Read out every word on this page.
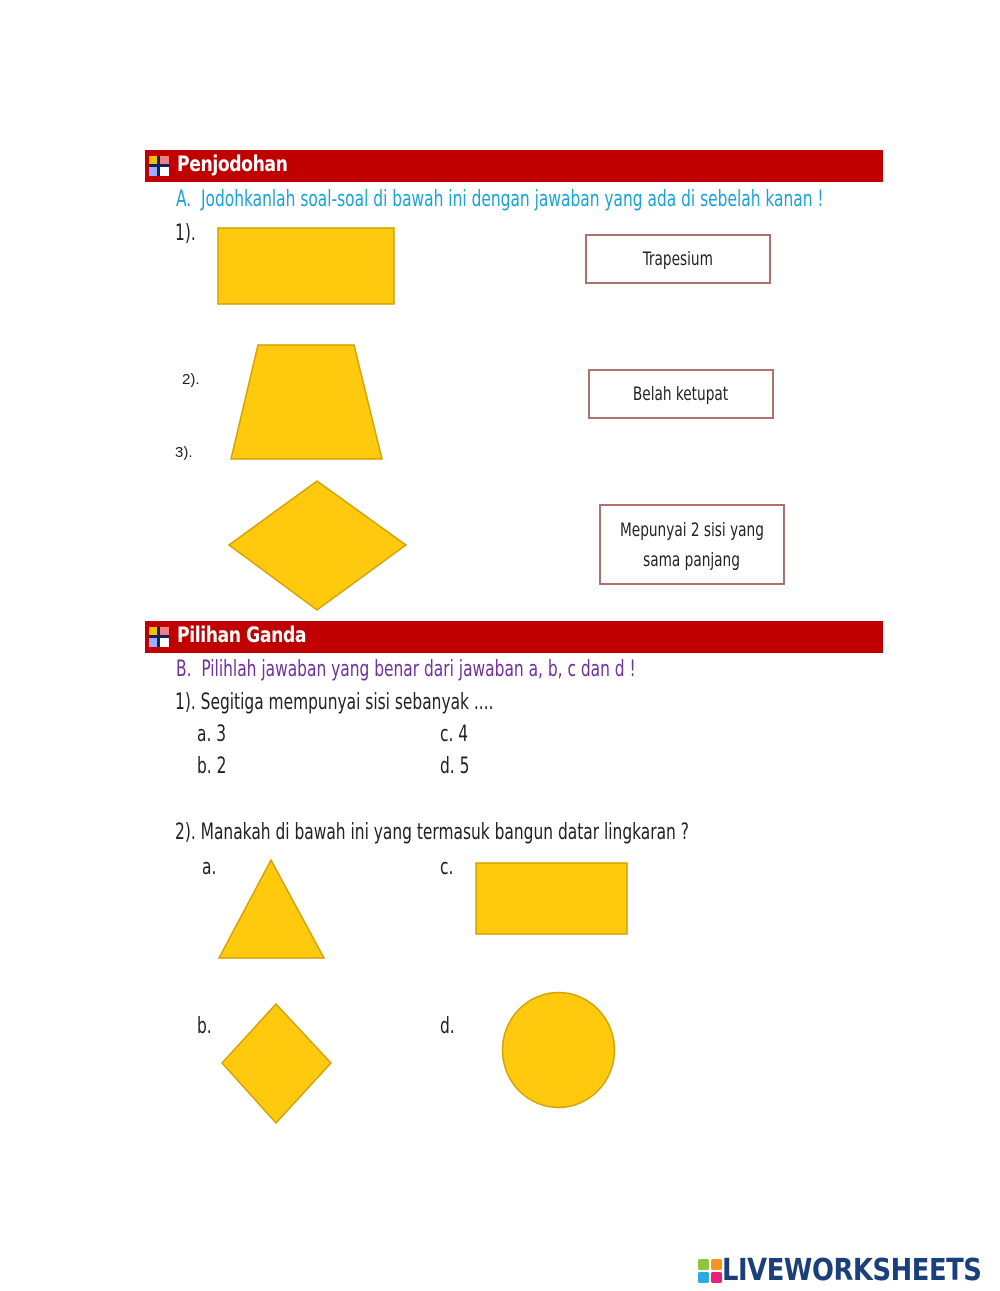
Penjodohan
A. Jodohkanlah soal-soal di bawah ini dengan jawaban yang ada di sebelah kanan !
1).
2).
3).
Trapesium
Belah ketupat
Mepunyai 2 sisi yang
sama panjang
Pilihan Ganda
B. Pilihlah jawaban yang benar dari jawaban a, b, c dan d !
1). Segitiga mempunyai sisi sebanyak ....
a. 3
b. 2
c. 4
d. 5
2). Manakah di bawah ini yang termasuk bangun datar lingkaran ?
a.	c.
b.	d.
LIVEWORKSHEETS
